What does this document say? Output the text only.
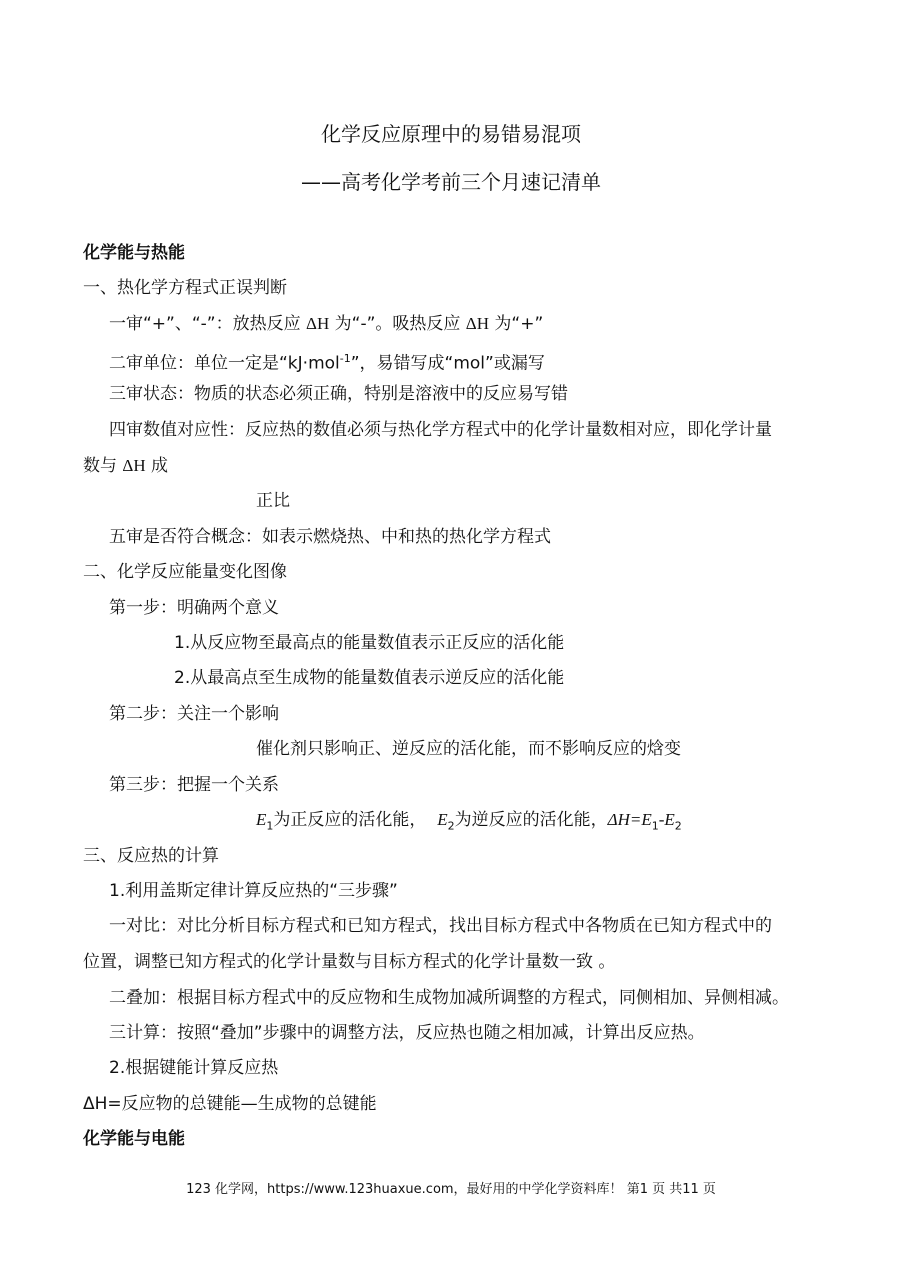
化学反应原理中的易错易混项
——高考化学考前三个月速记清单
化学能与热能
一、热化学方程式正误判断
一审“+”、“-”：放热反应 ΔH 为“-”。吸热反应 ΔH 为“+”
二审单位：单位一定是“kJ·mol$^{-1}$”，易错写成“mol”或漏写
三审状态：物质的状态必须正确，特别是溶液中的反应易写错
四审数值对应性：反应热的数值必须与热化学方程式中的化学计量数相对应，即化学计量
数与 ΔH 成
正比
五审是否符合概念：如表示燃烧热、中和热的热化学方程式
二、化学反应能量变化图像
第一步：明确两个意义
1.从反应物至最高点的能量数值表示正反应的活化能
2.从最高点至生成物的能量数值表示逆反应的活化能
第二步：关注一个影响
催化剂只影响正、逆反应的活化能，而不影响反应的焓变
第三步：把握一个关系
$E_1$为正反应的活化能， $E_2$为逆反应的活化能，$\Delta H=E_1-E_2$
三、反应热的计算
1.利用盖斯定律计算反应热的“三步骤”
一对比：对比分析目标方程式和已知方程式，找出目标方程式中各物质在已知方程式中的
位置，调整已知方程式的化学计量数与目标方程式的化学计量数一致 。
二叠加：根据目标方程式中的反应物和生成物加减所调整的方程式，同侧相加、异侧相减。
三计算：按照“叠加”步骤中的调整方法，反应热也随之相加减，计算出反应热。
2.根据键能计算反应热
ΔH=反应物的总键能—生成物的总键能
化学能与电能
123 化学网，https://www.123huaxue.com，最好用的中学化学资料库！ 第1 页 共11 页
